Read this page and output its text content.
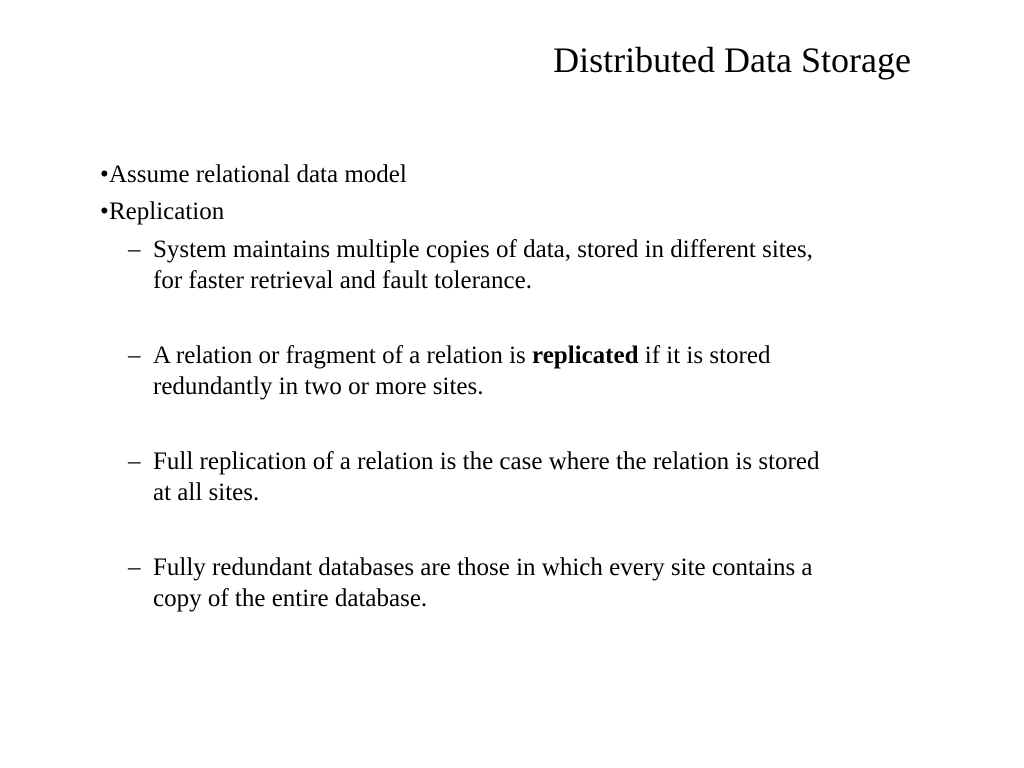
Distributed Data Storage
• Assume relational data model
• Replication
– System maintains multiple copies of data, stored in different sites,
for faster retrieval and fault tolerance.
– A relation or fragment of a relation is replicated if it is stored
redundantly in two or more sites.
– Full replication of a relation is the case where the relation is stored
at all sites.
– Fully redundant databases are those in which every site contains a
copy of the entire database.
